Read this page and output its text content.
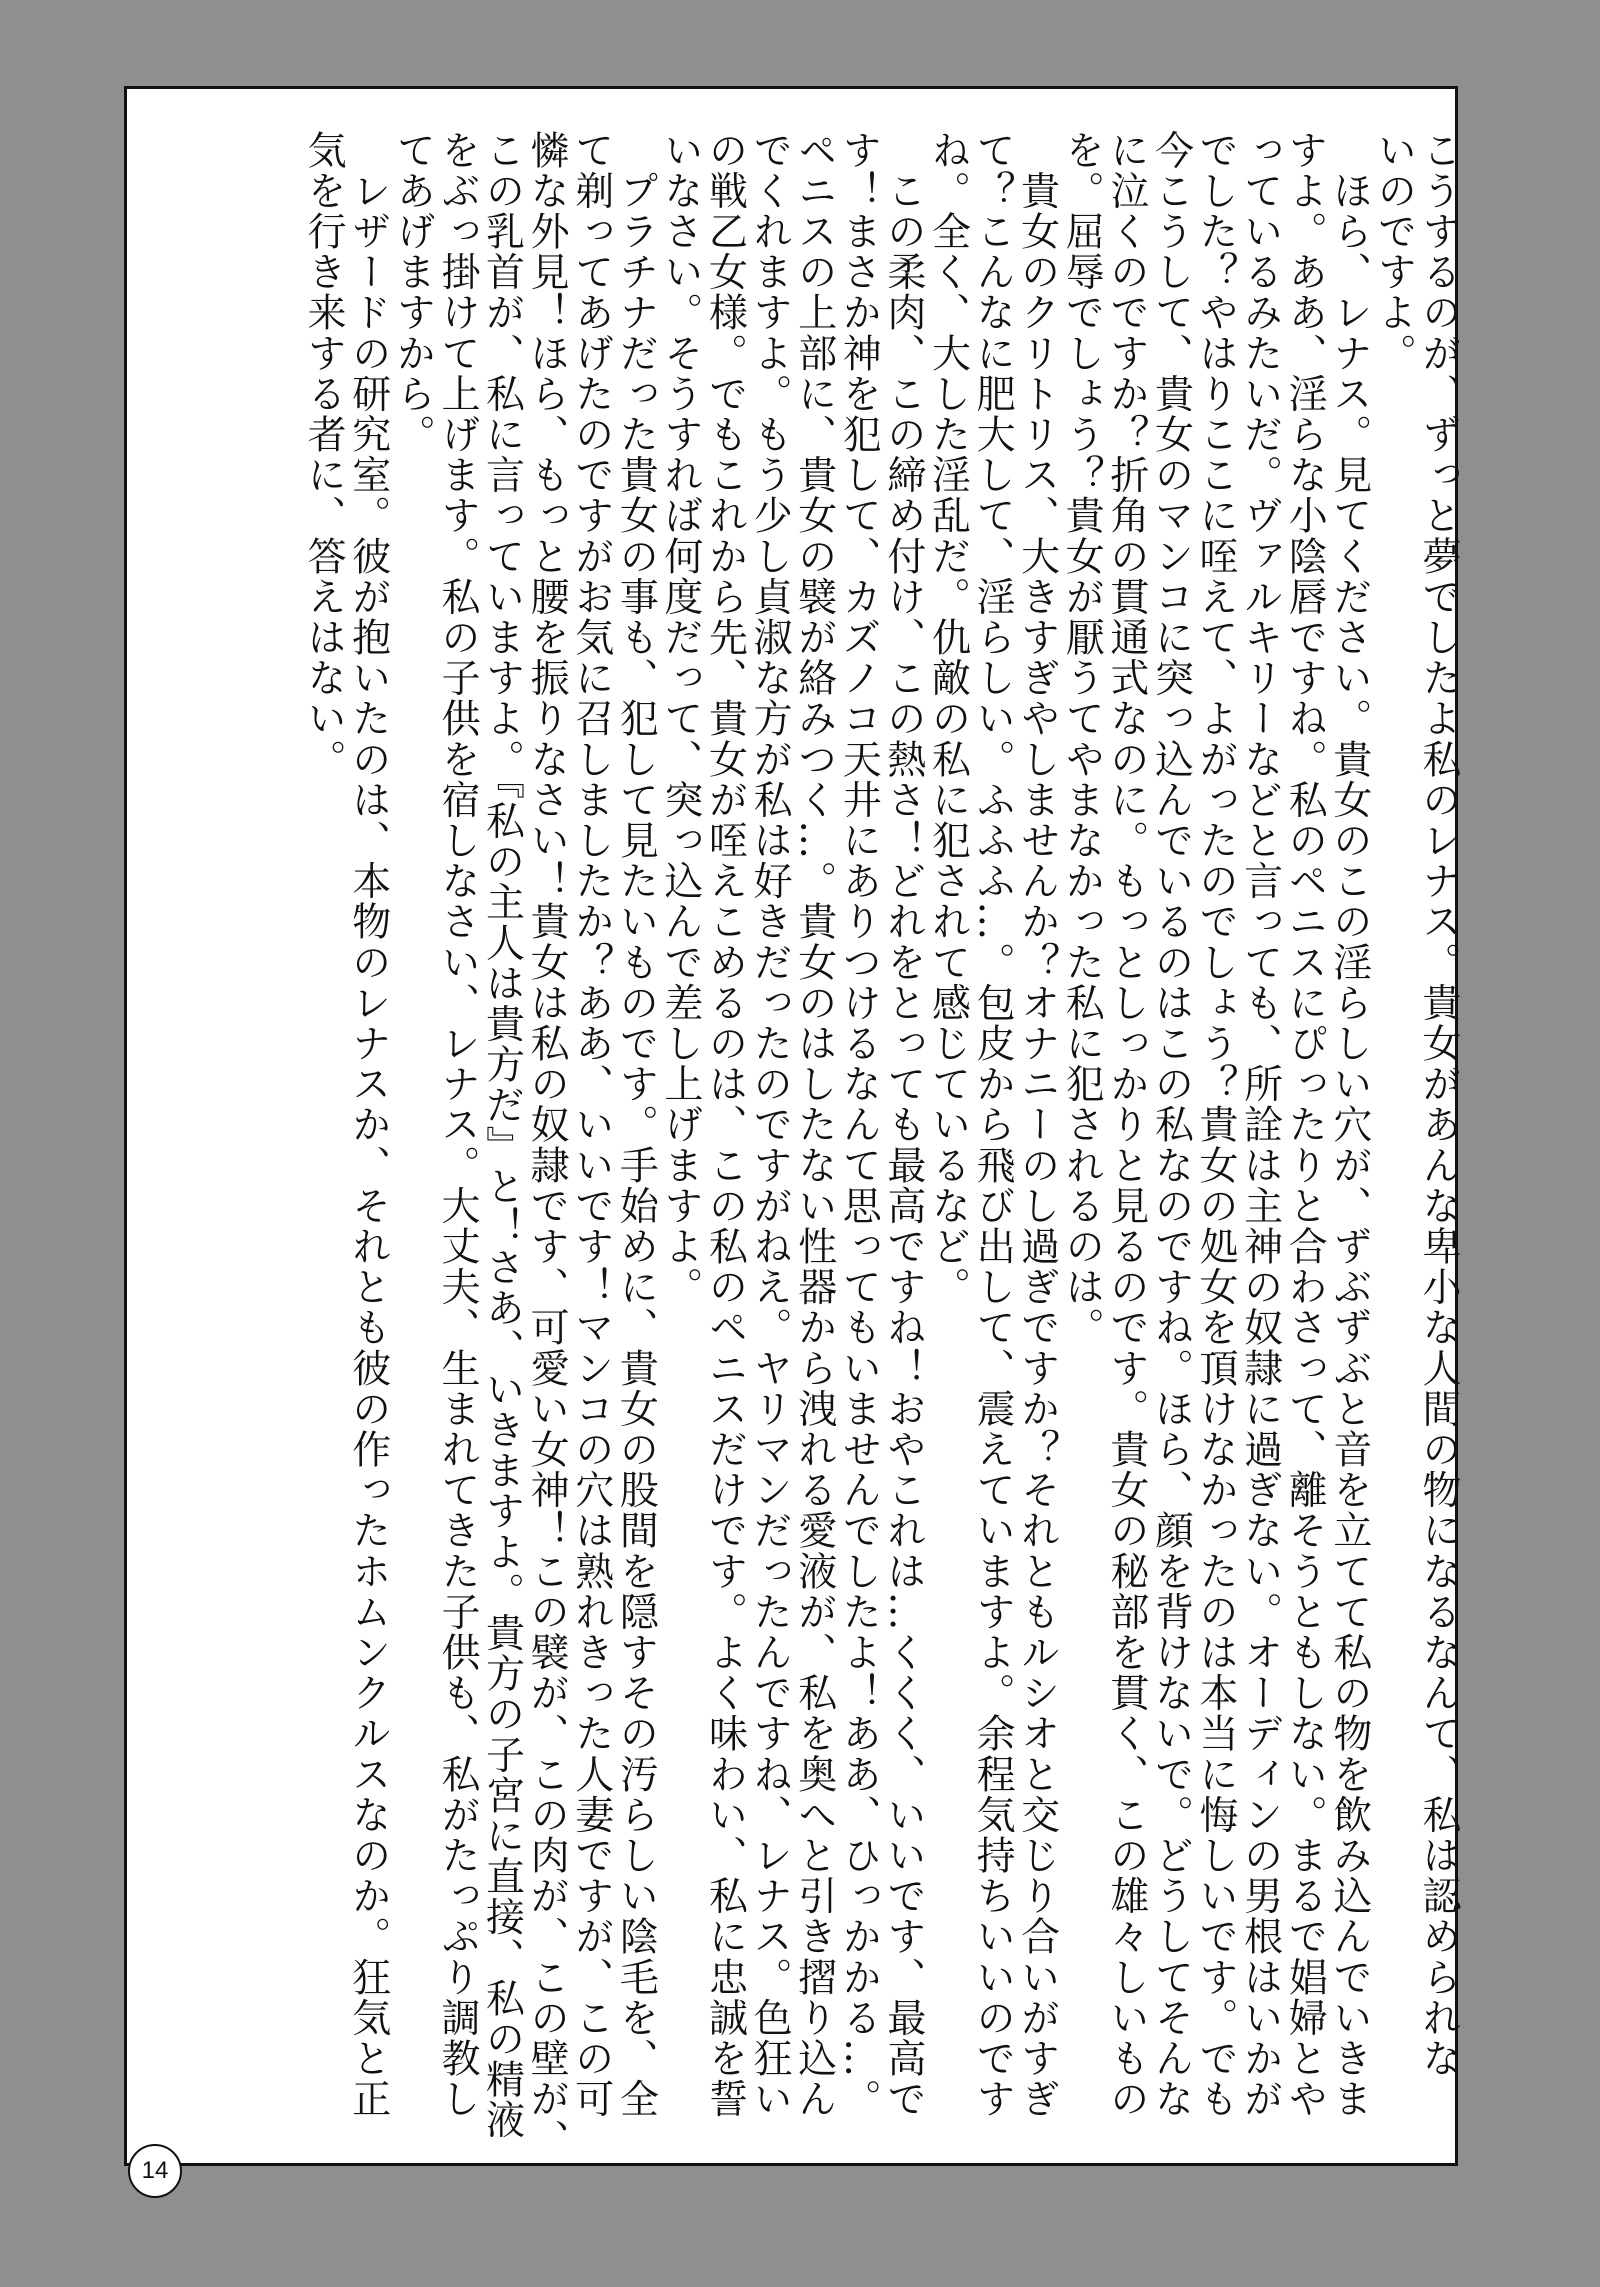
こうするのが、ずっと夢でしたよ私のレナス。貴女があんな卑小な人間の物になるなんて、私は認められな
いのですよ。
　ほら、レナス。見てください。貴女のこの淫らしい穴が、ずぶずぶと音を立てて私の物を飲み込んでいきま
すよ。ああ、淫らな小陰唇ですね。私のペニスにぴったりと合わさって、離そうともしない。まるで娼婦とや
っているみたいだ。ヴァルキリーなどと言っても、所詮は主神の奴隷に過ぎない。オーディンの男根はいかが
でした？やはりここに咥えて、よがったのでしょう？貴女の処女を頂けなかったのは本当に悔しいです。でも
今こうして、貴女のマンコに突っ込んでいるのはこの私なのですね。ほら、顔を背けないで。どうしてそんな
に泣くのですか？折角の貫通式なのに。もっとしっかりと見るのです。貴女の秘部を貫く、この雄々しいもの
を。屈辱でしょう？貴女が厭うてやまなかった私に犯されるのは。
　貴女のクリトリス、大きすぎやしませんか？オナニーのし過ぎですか？それともルシオと交じり合いがすぎ
て？こんなに肥大して、淫らしい。ふふふ…。包皮から飛び出して、震えていますよ。余程気持ちいいのです
ね。全く、大した淫乱だ。仇敵の私に犯されて感じているなど。
　この柔肉、この締め付け、この熱さ！どれをとっても最高ですね！おやこれは…くくく、いいです、最高で
す！まさか神を犯して、カズノコ天井にありつけるなんて思ってもいませんでしたよ！ああ、ひっかかる…。
ペニスの上部に、貴女の襞が絡みつく…。貴女のはしたない性器から洩れる愛液が、私を奥へと引き摺り込ん
でくれますよ。もう少し貞淑な方が私は好きだったのですがねえ。ヤリマンだったんですね、レナス。色狂い
の戦乙女様。でもこれから先、貴女が咥えこめるのは、この私のペニスだけです。よく味わい、私に忠誠を誓
いなさい。そうすれば何度だって、突っ込んで差し上げますよ。
　プラチナだった貴女の事も、犯して見たいものです。手始めに、貴女の股間を隠すその汚らしい陰毛を、全
て剃ってあげたのですがお気に召しましたか？ああ、いいです！マンコの穴は熟れきった人妻ですが、この可
憐な外見！ほら、もっと腰を振りなさい！貴女は私の奴隷です、可愛い女神！この襞が、この肉が、この壁が、
この乳首が、私に言っていますよ。『私の主人は貴方だ』と！さあ、いきますよ。貴方の子宮に直接、私の精液
をぶっ掛けて上げます。私の子供を宿しなさい、レナス。大丈夫、生まれてきた子供も、私がたっぷり調教し
てあげますから。
　レザードの研究室。彼が抱いたのは、本物のレナスか、それとも彼の作ったホムンクルスなのか。狂気と正
気を行き来する者に、答えはない。
14
